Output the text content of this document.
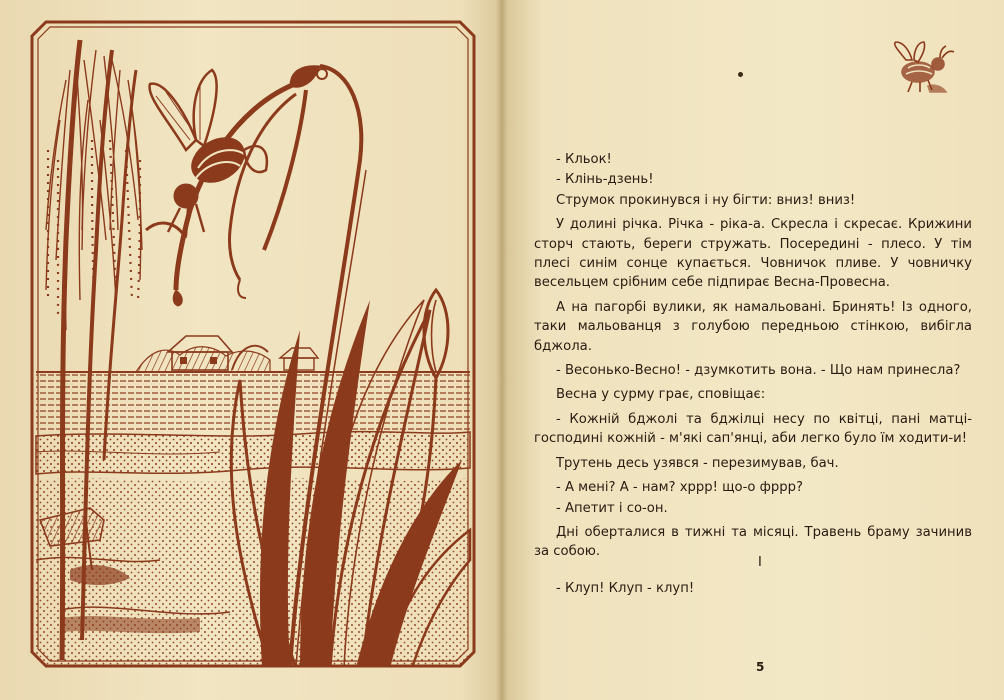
- Кльок!

- Клінь-дзень!

Струмок прокинувся і ну бігти: вниз! вниз!

У долині річка. Річка - ріка-а. Скресла і скресає. Крижини сторч стають, береги стружать. Посередині - плесо. У тім плесі синім сонце купається. Човничок пливе. У човничку весельцем срібним себе підпирає Весна-Провесна.

А на пагорбі вулики, як намальовані. Бринять! Із одного, таки мальованця з голубою передньою стінкою, вибігла бджола.

- Весонько-Весно! - дзумкотить вона. - Що нам принесла?

Весна у сурму грає, сповіщає:

- Кожній бджолі та бджілці несу по квітці, пані матці-господині кожній - м'які сап'янці, аби легко було їм ходити-и!

Трутень десь узявся - перезимував, бач.

- А мені? А - нам? хррр! що-о фррр?

- Апетит і со-он.

Дні оберталися в тижні та місяці. Травень браму зачинив за собою.

I
- Клуп! Клуп - клуп!
5
